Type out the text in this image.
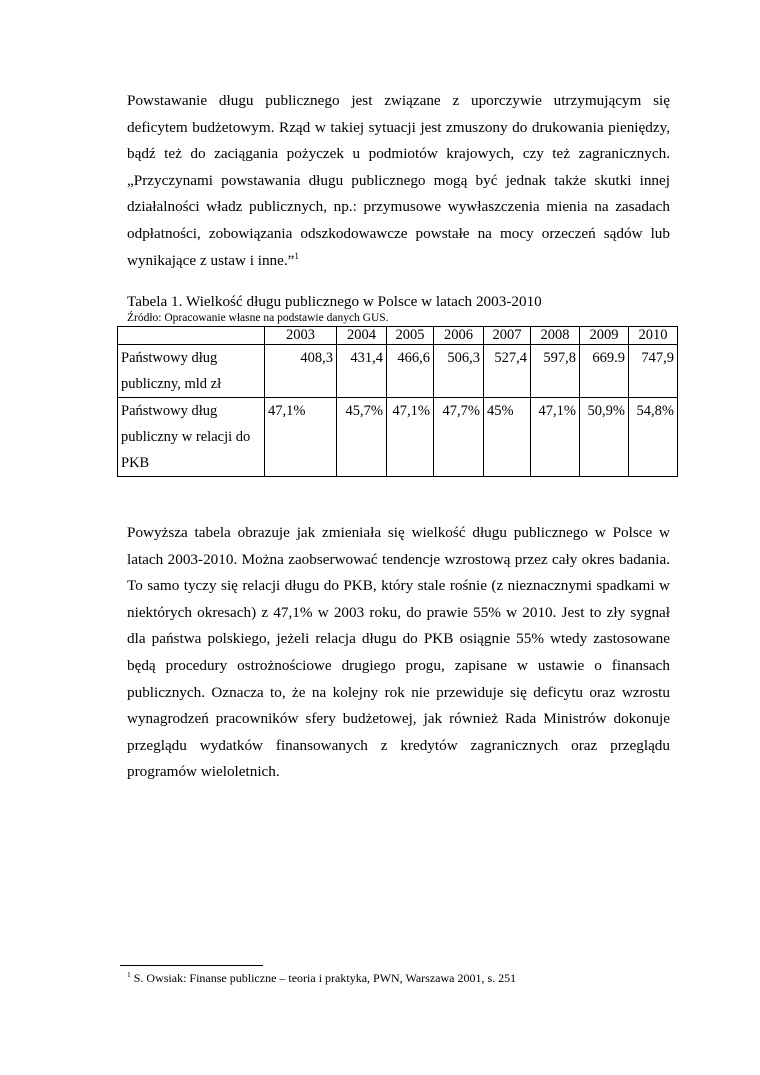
Powstawanie długu publicznego jest związane z uporczywie utrzymującym się deficytem budżetowym. Rząd w takiej sytuacji jest zmuszony do drukowania pieniędzy, bądź też do zaciągania pożyczek u podmiotów krajowych, czy też zagranicznych. „Przyczynami powstawania długu publicznego mogą być jednak także skutki innej działalności władz publicznych, np.: przymusowe wywłaszczenia mienia na zasadach odpłatności, zobowiązania odszkodowawcze powstałe na mocy orzeczeń sądów lub wynikające z ustaw i inne.”$^1$

Tabela 1. Wielkość długu publicznego w Polsce w latach 2003-2010

Źródło: Opracowanie własne na podstawie danych GUS.

	2003	2004	2005	2006	2007	2008	2009	2010
Państwowy dług publiczny, mld zł	408,3	431,4	466,6	506,3	527,4	597,8	669.9	747,9
Państwowy dług publiczny w relacji do PKB	47,1%	45,7%	47,1%	47,7%	45%	47,1%	50,9%	54,8%

Powyższa tabela obrazuje jak zmieniała się wielkość długu publicznego w Polsce w latach 2003-2010. Można zaobserwować tendencje wzrostową przez cały okres badania. To samo tyczy się relacji długu do PKB, który stale rośnie (z nieznacznymi spadkami w niektórych okresach) z 47,1% w 2003 roku, do prawie 55% w 2010. Jest to zły sygnał dla państwa polskiego, jeżeli relacja długu do PKB osiągnie 55% wtedy zastosowane będą procedury ostrożnościowe drugiego progu, zapisane w ustawie o finansach publicznych. Oznacza to, że na kolejny rok nie przewiduje się deficytu oraz wzrostu wynagrodzeń pracowników sfery budżetowej, jak również Rada Ministrów dokonuje przeglądu wydatków finansowanych z kredytów zagranicznych oraz przeglądu programów wieloletnich.

$^1$ S. Owsiak: Finanse publiczne – teoria i praktyka, PWN, Warszawa 2001, s. 251
